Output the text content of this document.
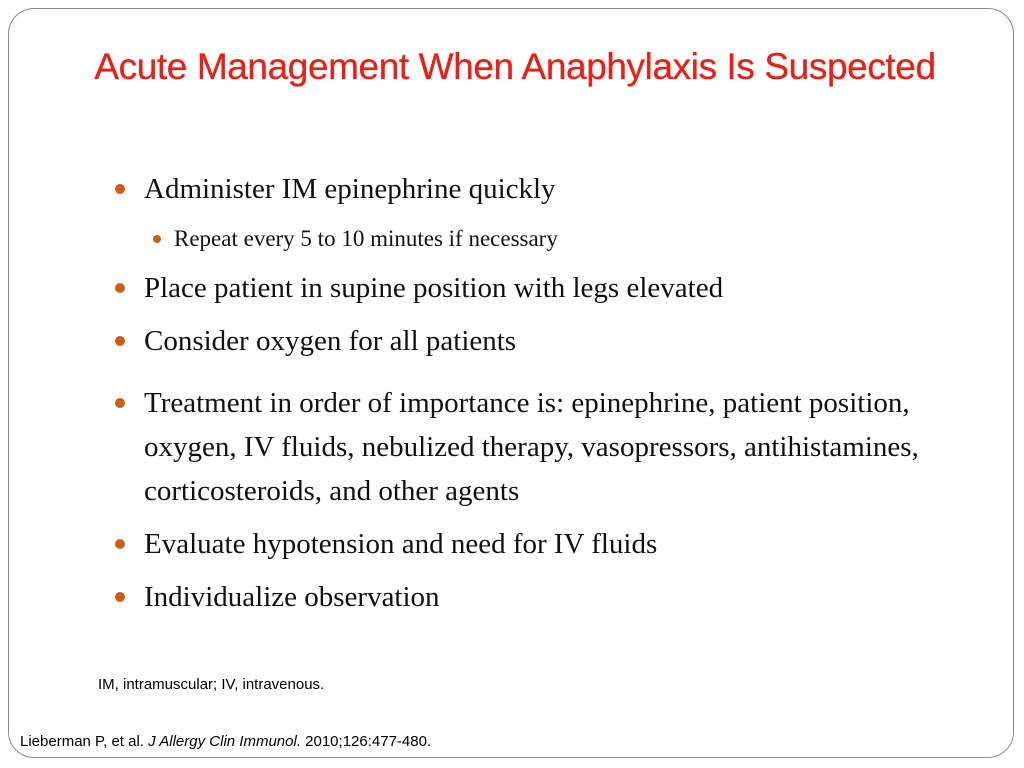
Acute Management When Anaphylaxis Is Suspected
Administer IM epinephrine quickly
Repeat every 5 to 10 minutes if necessary
Place patient in supine position with legs elevated
Consider oxygen for all patients
Treatment in order of importance is: epinephrine, patient position, oxygen, IV fluids, nebulized therapy, vasopressors, antihistamines, corticosteroids, and other agents
Evaluate hypotension and need for IV fluids
Individualize observation

IM, intramuscular; IV, intravenous.

Lieberman P, et al. J Allergy Clin Immunol. 2010;126:477-480.
